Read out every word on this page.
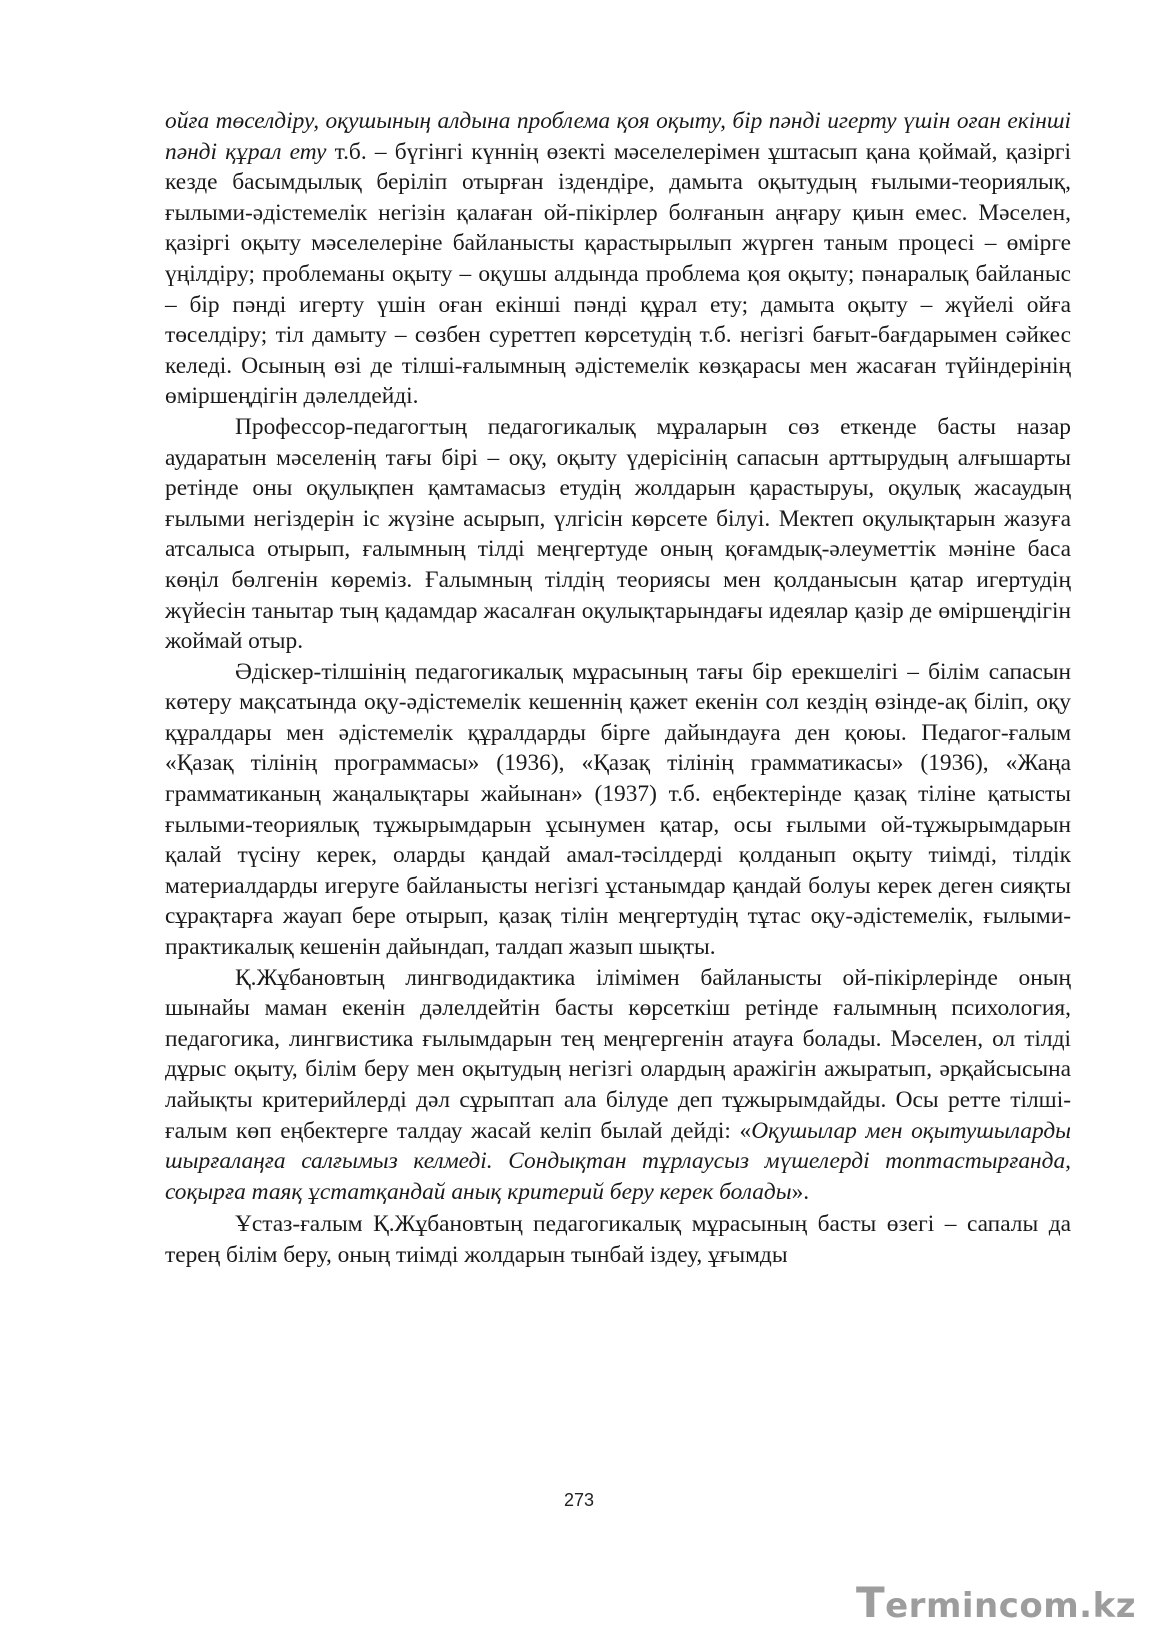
ойға төселдіру, оқушының алдына проблема қоя оқыту, бір пәнді игерту үшін оған екінші пәнді құрал ету т.б. – бүгінгі күннің өзекті мәселелерімен ұштасып қана қоймай, қазіргі кезде басымдылық беріліп отырған іздендіре, дамыта оқытудың ғылыми-теориялық, ғылыми-әдістемелік негізін қалаған ой-пікірлер болғанын аңғару қиын емес. Мәселен, қазіргі оқыту мәселелеріне байланысты қарастырылып жүрген таным процесі – өмірге үңілдіру; проблеманы оқыту – оқушы алдында проблема қоя оқыту; пәнаралық байланыс – бір пәнді игерту үшін оған екінші пәнді құрал ету; дамыта оқыту – жүйелі ойға төселдіру; тіл дамыту – сөзбен суреттеп көрсетудің т.б. негізгі бағыт-бағдарымен сәйкес келеді. Осының өзі де тілші-ғалымның әдістемелік көзқарасы мен жасаған түйіндерінің өміршеңдігін дәлелдейді.

Профессор-педагогтың педагогикалық мұраларын сөз еткенде басты назар аударатын мәселенің тағы бірі – оқу, оқыту үдерісінің сапасын арттырудың алғышарты ретінде оны оқулықпен қамтамасыз етудің жолдарын қарастыруы, оқулық жасаудың ғылыми негіздерін іс жүзіне асырып, үлгісін көрсете білуі. Мектеп оқулықтарын жазуға атсалыса отырып, ғалымның тілді меңгертуде оның қоғамдық-әлеуметтік мәніне баса көңіл бөлгенін көреміз. Ғалымның тілдің теориясы мен қолданысын қатар игертудің жүйесін танытар тың қадамдар жасалған оқулықтарындағы идеялар қазір де өміршеңдігін жоймай отыр.

Әдіскер-тілшінің педагогикалық мұрасының тағы бір ерекшелігі – білім сапасын көтеру мақсатында оқу-әдістемелік кешеннің қажет екенін сол кездің өзінде-ақ біліп, оқу құралдары мен әдістемелік құралдарды бірге дайындауға ден қоюы. Педагог-ғалым «Қазақ тілінің программасы» (1936), «Қазақ тілінің грамматикасы» (1936), «Жаңа грамматиканың жаңалықтары жайынан» (1937) т.б. еңбектерінде қазақ тіліне қатысты ғылыми-теориялық тұжырымдарын ұсынумен қатар, осы ғылыми ой-тұжырымдарын қалай түсіну керек, оларды қандай амал-тәсілдерді қолданып оқыту тиімді, тілдік материалдарды игеруге байланысты негізгі ұстанымдар қандай болуы керек деген сияқты сұрақтарға жауап бере отырып, қазақ тілін меңгертудің тұтас оқу-әдістемелік, ғылыми-практикалық кешенін дайындап, талдап жазып шықты.

Қ.Жұбановтың лингводидактика ілімімен байланысты ой-пікірлерінде оның шынайы маман екенін дәлелдейтін басты көрсеткіш ретінде ғалымның психология, педагогика, лингвистика ғылымдарын тең меңгергенін атауға болады. Мәселен, ол тілді дұрыс оқыту, білім беру мен оқытудың негізгі олардың аражігін ажыратып, әрқайсысына лайықты критерийлерді дәл сұрыптап ала білуде деп тұжырымдайды. Осы ретте тілші-ғалым көп еңбектерге талдау жасай келіп былай дейді: «Оқушылар мен оқытушыларды шырғалаңға салғымыз келмеді. Сондықтан тұрлаусыз мүшелерді топтастырғанда, соқырға таяқ ұстатқандай анық критерий беру керек болады».

Ұстаз-ғалым Қ.Жұбановтың педагогикалық мұрасының басты өзегі – сапалы да терең білім беру, оның тиімді жолдарын тынбай іздеу, ұғымды

273
Termincom.kz
